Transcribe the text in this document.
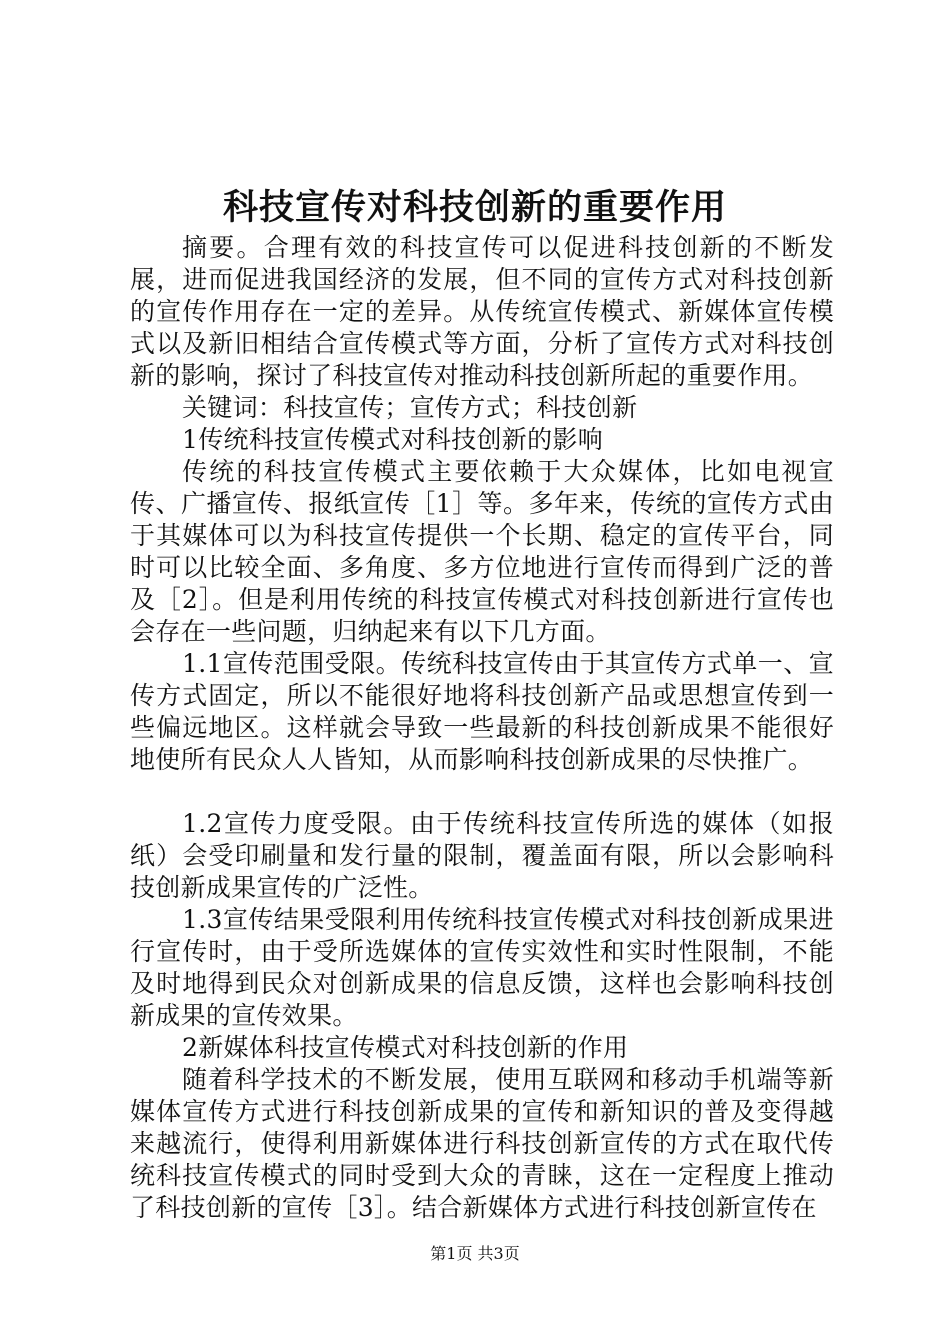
科技宣传对科技创新的重要作用

摘要。合理有效的科技宣传可以促进科技创新的不断发展，进而促进我国经济的发展，但不同的宣传方式对科技创新的宣传作用存在一定的差异。从传统宣传模式、新媒体宣传模式以及新旧相结合宣传模式等方面，分析了宣传方式对科技创新的影响，探讨了科技宣传对推动科技创新所起的重要作用。

关键词：科技宣传；宣传方式；科技创新

1传统科技宣传模式对科技创新的影响

传统的科技宣传模式主要依赖于大众媒体，比如电视宣传、广播宣传、报纸宣传［1］等。多年来，传统的宣传方式由于其媒体可以为科技宣传提供一个长期、稳定的宣传平台，同时可以比较全面、多角度、多方位地进行宣传而得到广泛的普及［2］。但是利用传统的科技宣传模式对科技创新进行宣传也会存在一些问题，归纳起来有以下几方面。

1.1宣传范围受限。传统科技宣传由于其宣传方式单一、宣传方式固定，所以不能很好地将科技创新产品或思想宣传到一些偏远地区。这样就会导致一些最新的科技创新成果不能很好地使所有民众人人皆知，从而影响科技创新成果的尽快推广。

1.2宣传力度受限。由于传统科技宣传所选的媒体（如报纸）会受印刷量和发行量的限制，覆盖面有限，所以会影响科技创新成果宣传的广泛性。

1.3宣传结果受限利用传统科技宣传模式对科技创新成果进行宣传时，由于受所选媒体的宣传实效性和实时性限制，不能及时地得到民众对创新成果的信息反馈，这样也会影响科技创新成果的宣传效果。

2新媒体科技宣传模式对科技创新的作用

随着科学技术的不断发展，使用互联网和移动手机端等新媒体宣传方式进行科技创新成果的宣传和新知识的普及变得越来越流行，使得利用新媒体进行科技创新宣传的方式在取代传统科技宣传模式的同时受到大众的青睐，这在一定程度上推动了科技创新的宣传［3］。结合新媒体方式进行科技创新宣传在

第1页 共3页
